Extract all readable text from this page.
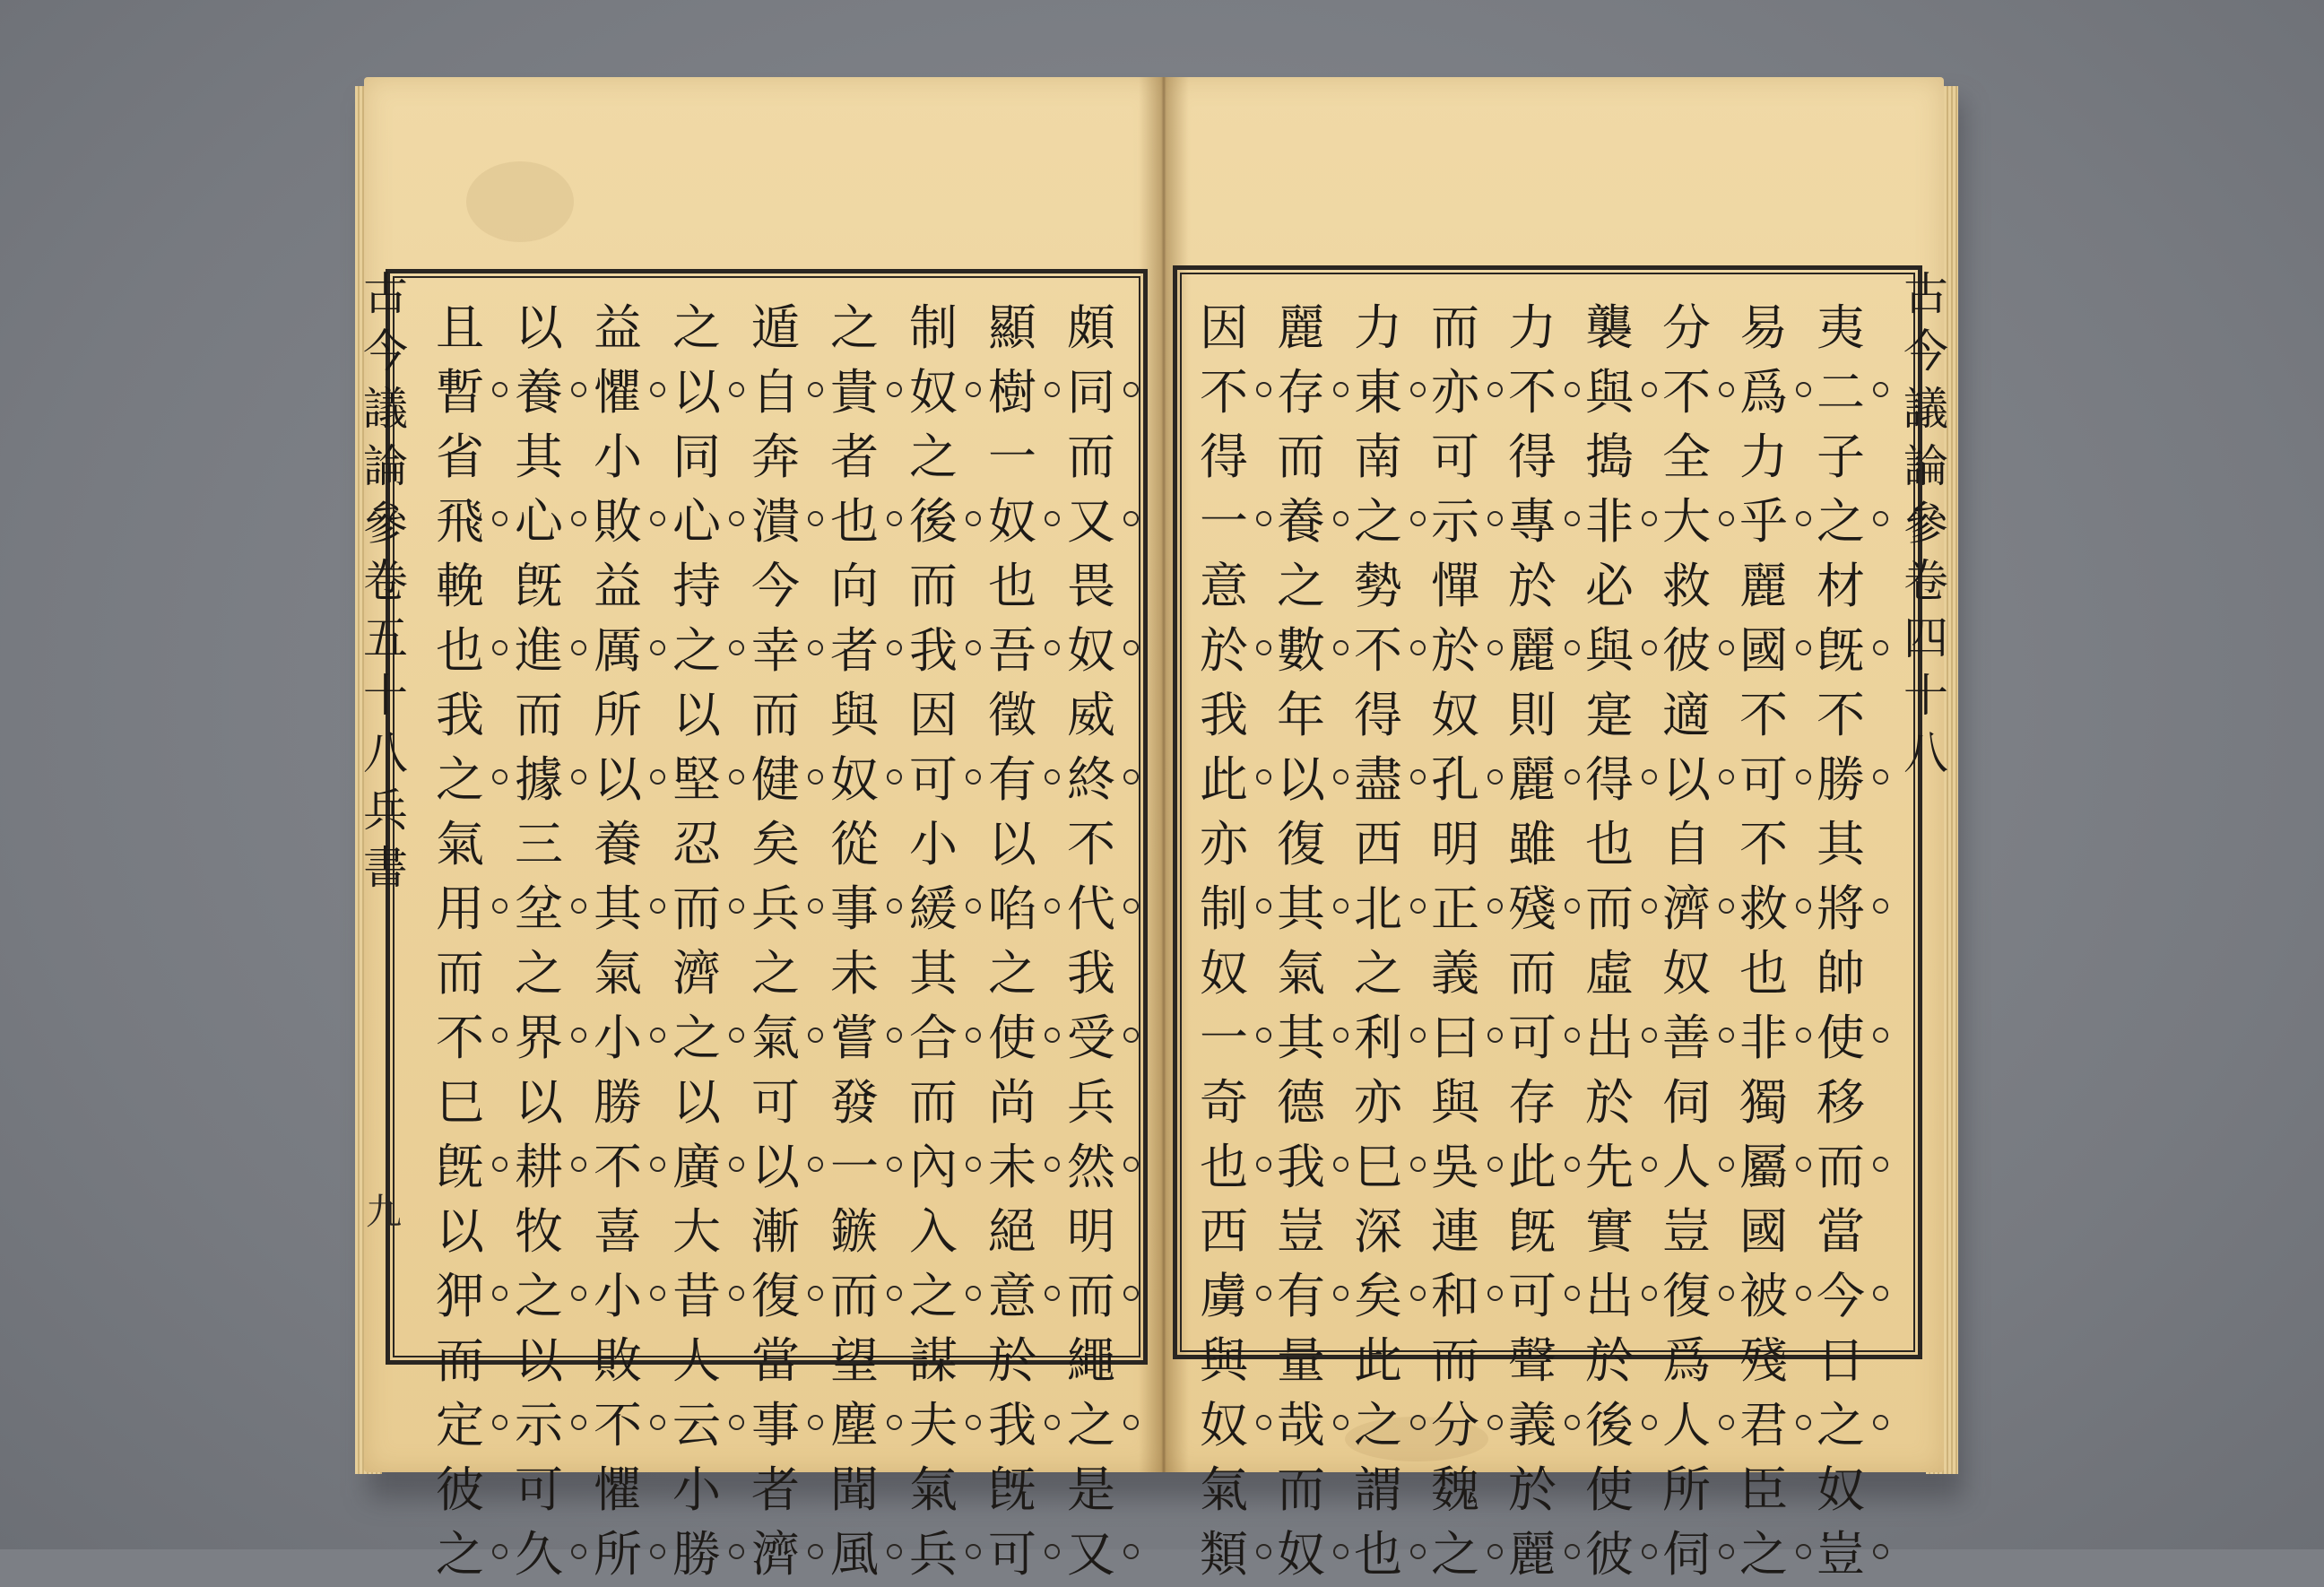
古
今
議
論
參
卷
五
十
八
兵
書
九
古
今
議
論
參
卷
四
十
八
頗
同
而
又
畏
奴
威
終
不
代
我
受
兵
然
明
而
繩
之
是
又
顯
樹
一
奴
也
吾
徵
有
以
啗
之
使
尚
未
絕
意
於
我
旣
可
制
奴
之
後
而
我
因
可
小
緩
其
合
而
內
入
之
謀
夫
氣
兵
之
貴
者
也
向
者
與
奴
從
事
未
嘗
發
一
鏃
而
望
塵
聞
風
遁
自
奔
潰
今
幸
而
健
矣
兵
之
氣
可
以
漸
復
當
事
者
濟
之
以
同
心
持
之
以
堅
忍
而
濟
之
以
廣
大
昔
人
云
小
勝
益
懼
小
敗
益
厲
所
以
養
其
氣
小
勝
不
喜
小
敗
不
懼
所
以
養
其
心
旣
進
而
據
三
坌
之
界
以
耕
牧
之
以
示
可
久
且
暫
省
飛
輓
也
我
之
氣
用
而
不
巳
旣
以
狎
而
定
彼
之
夷
二
子
之
材
旣
不
勝
其
將
帥
使
移
而
當
今
日
之
奴
豈
易
爲
力
乎
麗
國
不
可
不
救
也
非
獨
屬
國
被
殘
君
臣
之
分
不
全
大
救
彼
適
以
自
濟
奴
善
伺
人
豈
復
爲
人
所
伺
襲
與
搗
非
必
與
寔
得
也
而
虛
出
於
先
實
出
於
後
使
彼
力
不
得
專
於
麗
則
麗
雖
殘
而
可
存
此
旣
可
聲
義
於
麗
而
亦
可
示
憚
於
奴
孔
明
正
義
曰
與
吳
連
和
而
分
魏
之
力
東
南
之
勢
不
得
盡
西
北
之
利
亦
巳
深
矣
此
之
謂
也
麗
存
而
養
之
數
年
以
復
其
氣
其
德
我
豈
有
量
哉
而
奴
因
不
得
一
意
於
我
此
亦
制
奴
一
奇
也
西
虜
與
奴
氣
類
